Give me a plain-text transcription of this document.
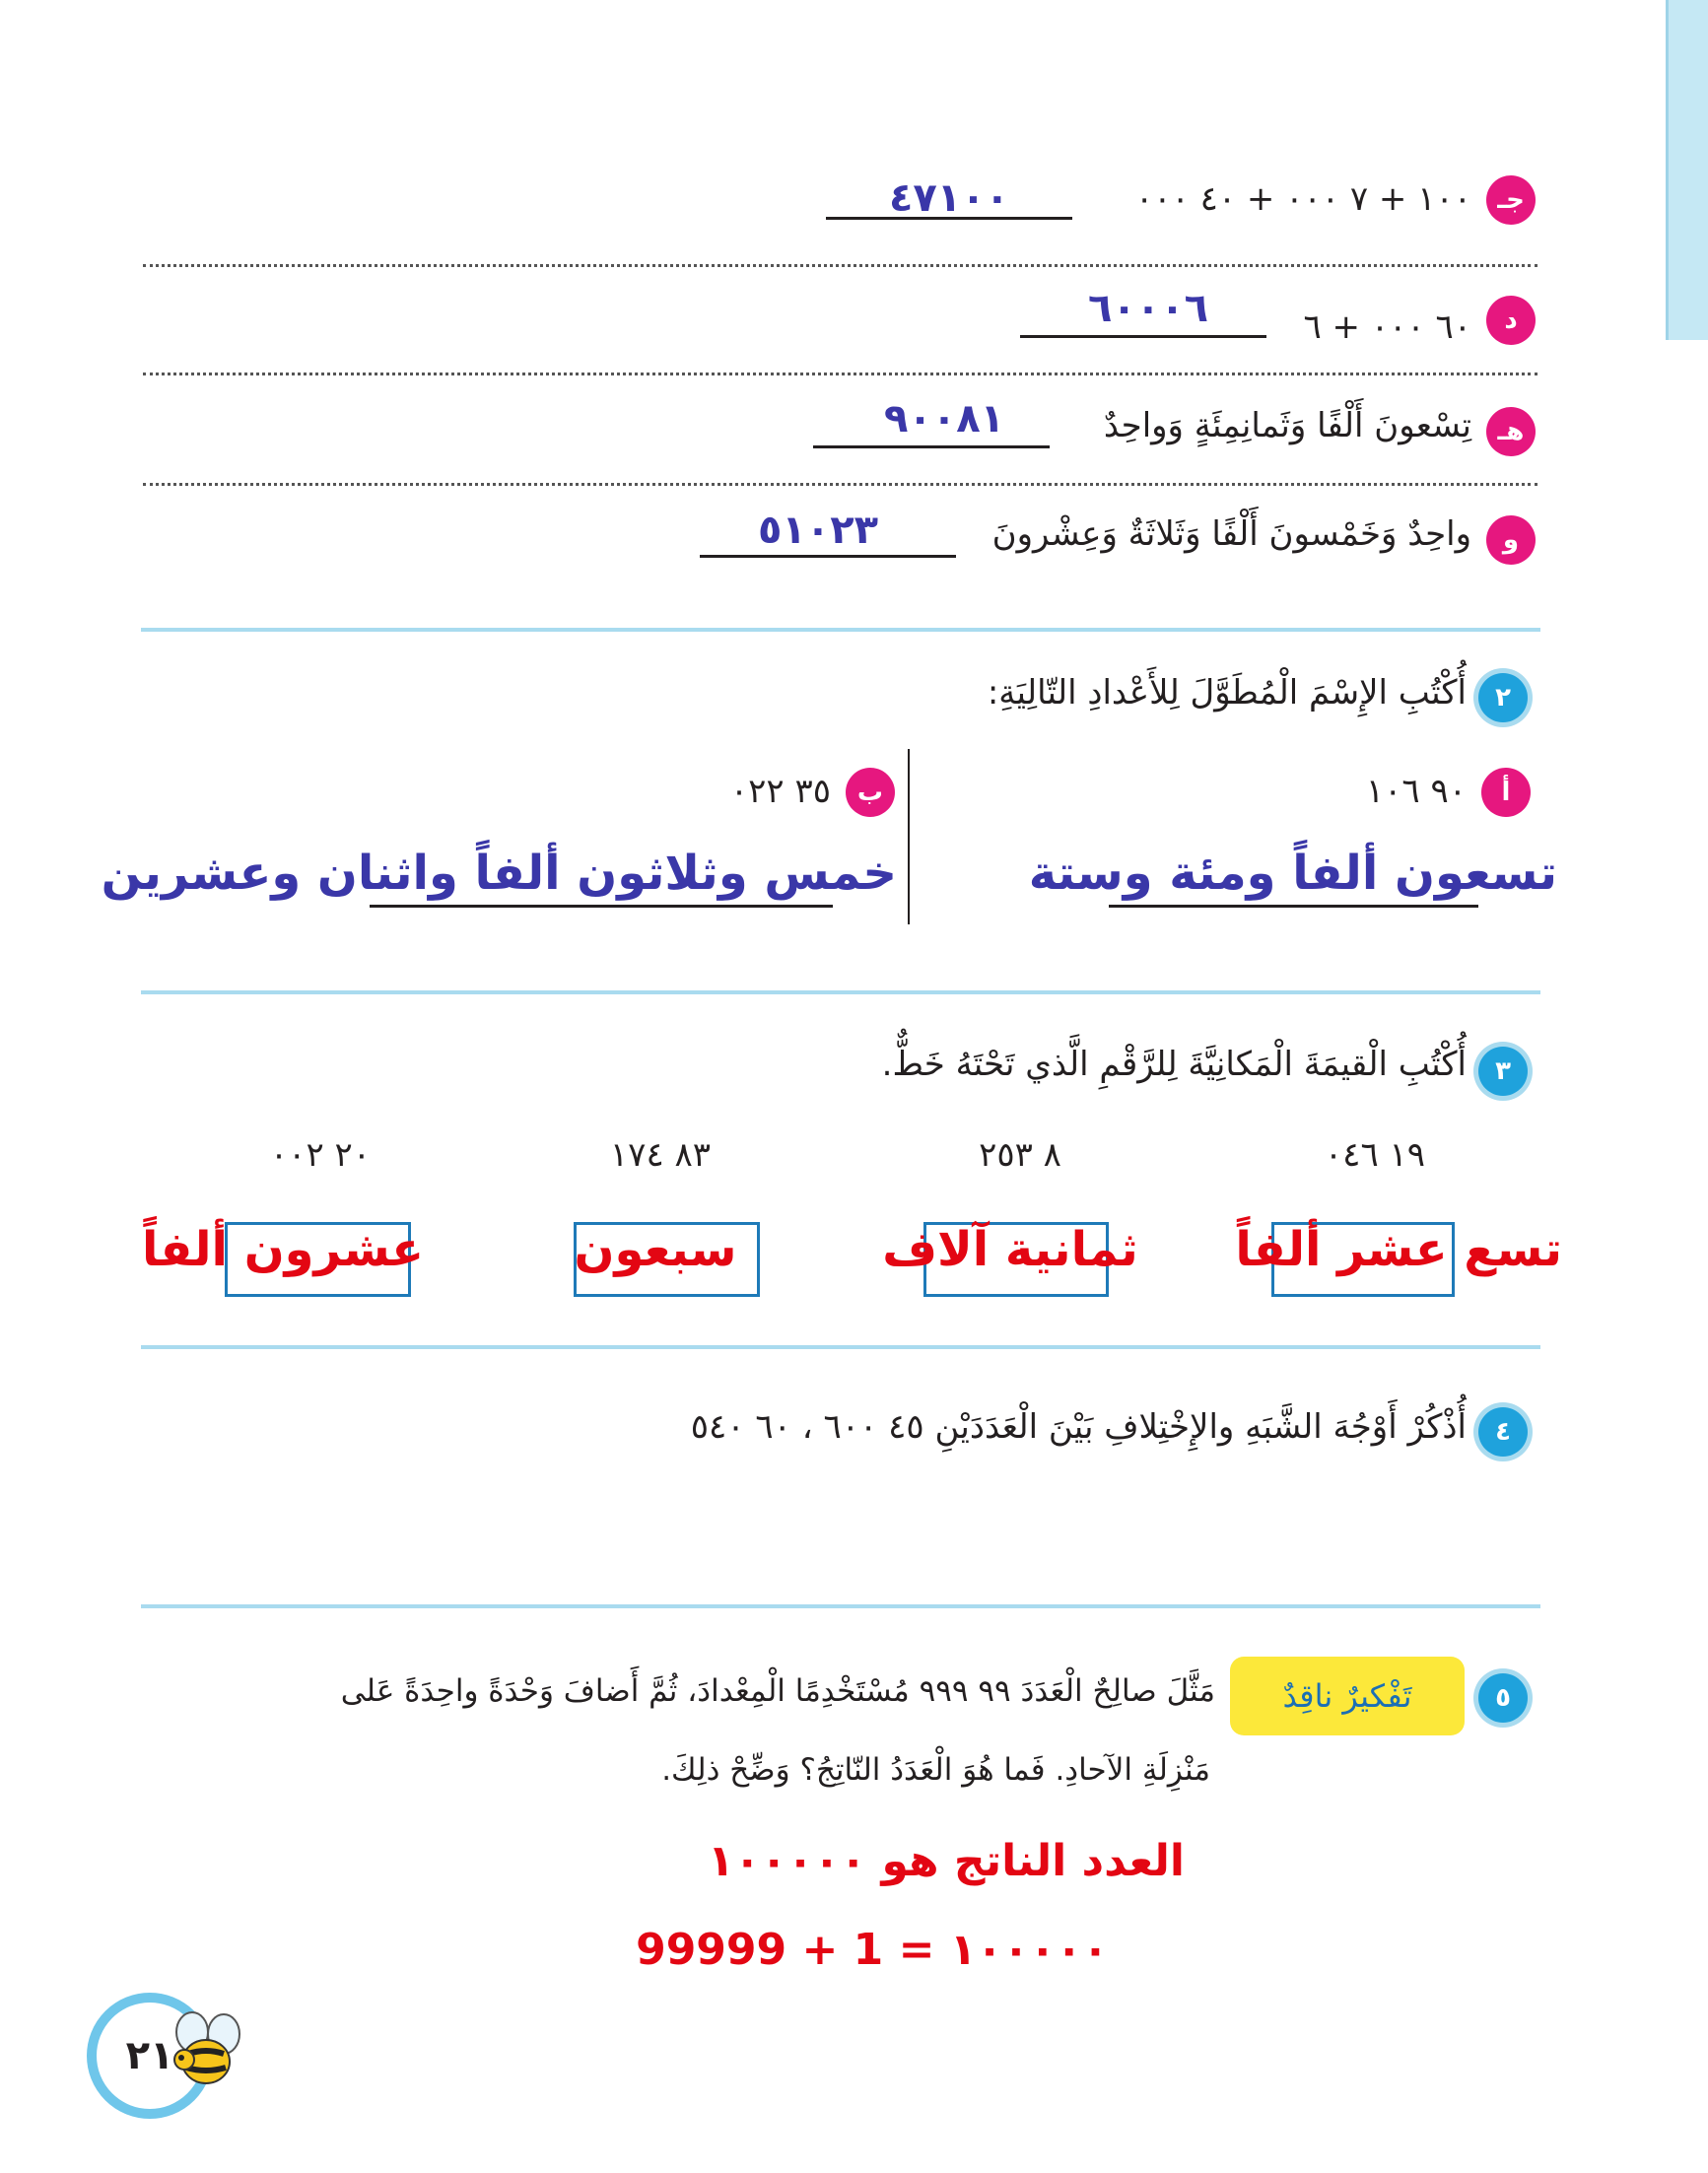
جـ
١٠٠ + ٧ ٠٠٠ + ٤٠ ٠٠٠
٤٧١٠٠
د
٦٠ ٠٠٠ + ٦
٦٠٠٠٦
هـ
تِسْعونَ أَلْفًا وَثَمانِمِئَةٍ وَواحِدٌ
٩٠٠٨١
و
واحِدٌ وَخَمْسونَ أَلْفًا وَثَلاثَةٌ وَعِشْرونَ
٥١٠٢٣
٢
أُكْتُبِ الإِسْمَ الْمُطَوَّلَ لِلأَعْدادِ التّالِيَةِ:
أ
٩٠ ١٠٦
تسعون ألفاً ومئة وستة
ب
٣٥ ٠٢٢
خمس وثلاثون ألفاً واثنان وعشرين
٣
أُكْتُبِ الْقيمَةَ الْمَكانِيَّةَ لِلرَّقْمِ الَّذي تَحْتَهُ خَطٌّ.
١٩ ٠٤٦
٨ ٢٥٣
٨٣ ١٧٤
٢٠ ٠٠٢
تسع عشر ألفاً
ثمانية آلاف
سبعون
عشرون ألفاً
٤
أُذْكُرْ أَوْجُهَ الشَّبَهِ والإِخْتِلافِ بَيْنَ الْعَدَدَيْنِ ٤٥ ٦٠٠ ، ٦٠ ٥٤٠
٥
تَفْكيرٌ ناقِدٌ
مَثَّلَ صالِحٌ الْعَدَدَ ٩٩ ٩٩٩ مُسْتَخْدِمًا الْمِعْدادَ، ثُمَّ أَضافَ وَحْدَةً واحِدَةً عَلى
مَنْزِلَةِ الآحادِ. فَما هُوَ الْعَدَدُ النّاتِجُ؟ وَضِّحْ ذلِكَ.
العدد الناتج هو ١٠٠٠٠٠
99999 + 1 = ١٠٠٠٠٠
٢١
